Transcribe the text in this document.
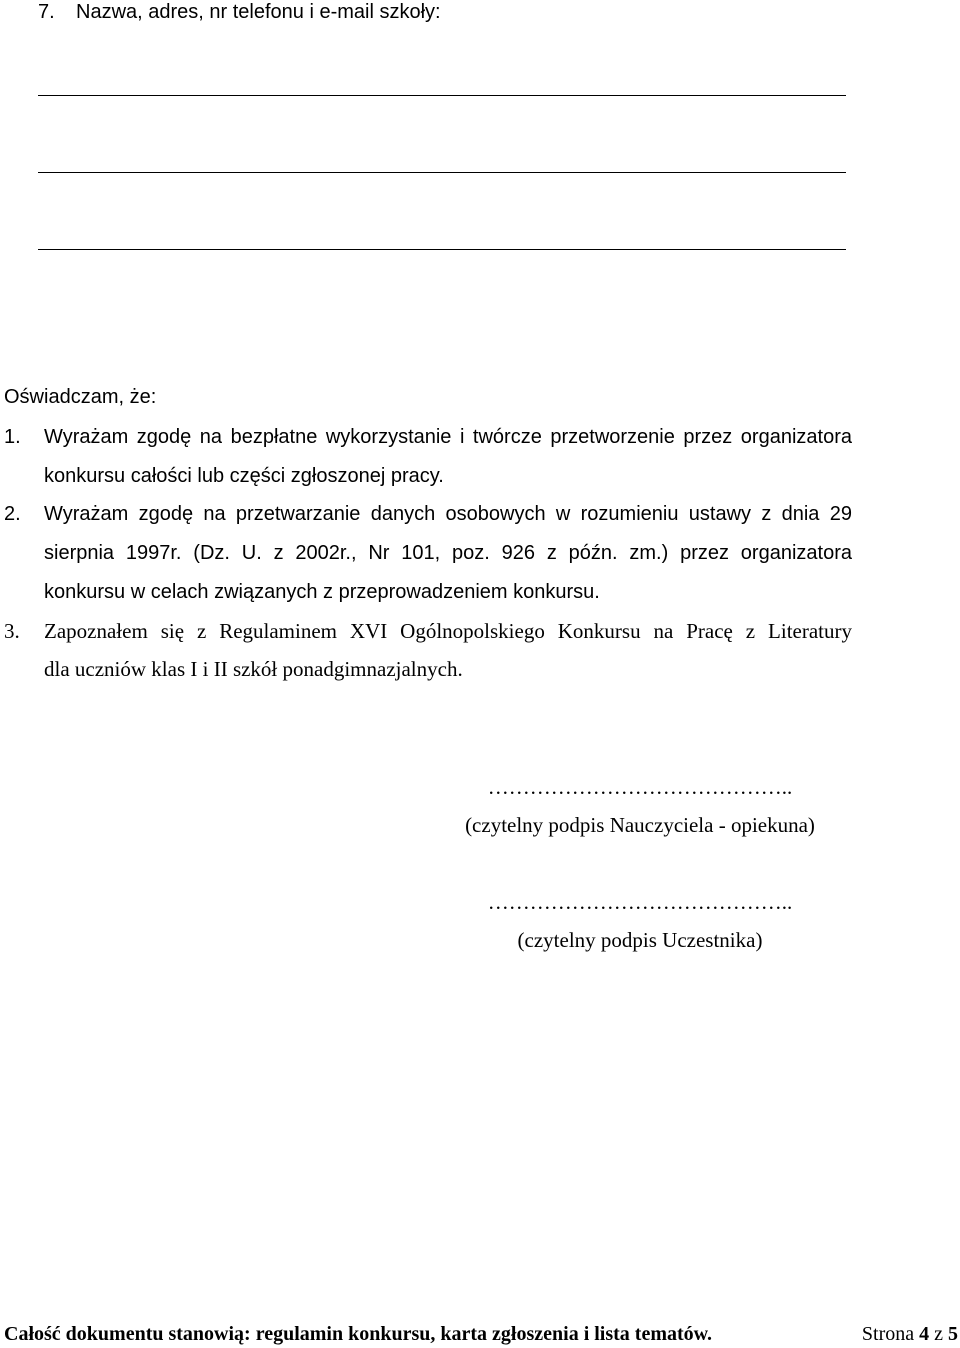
7. Nazwa, adres, nr telefonu i e-mail szkoły:
Oświadczam, że:
1. Wyrażam zgodę na bezpłatne wykorzystanie i twórcze przetworzenie przez organizatora
konkursu całości lub części zgłoszonej pracy.
2. Wyrażam zgodę na przetwarzanie danych osobowych w rozumieniu ustawy z dnia 29
sierpnia 1997r. (Dz. U. z 2002r., Nr 101, poz. 926 z późn. zm.) przez organizatora
konkursu w celach związanych z przeprowadzeniem konkursu.
3. Zapoznałem się z Regulaminem XVI Ogólnopolskiego Konkursu na Pracę z Literatury
dla uczniów klas I i II szkół ponadgimnazjalnych.
……………………………………..
(czytelny podpis Nauczyciela - opiekuna)
……………………………………..
(czytelny podpis Uczestnika)
Całość dokumentu stanowią: regulamin konkursu, karta zgłoszenia i lista tematów.	Strona 4 z 5
